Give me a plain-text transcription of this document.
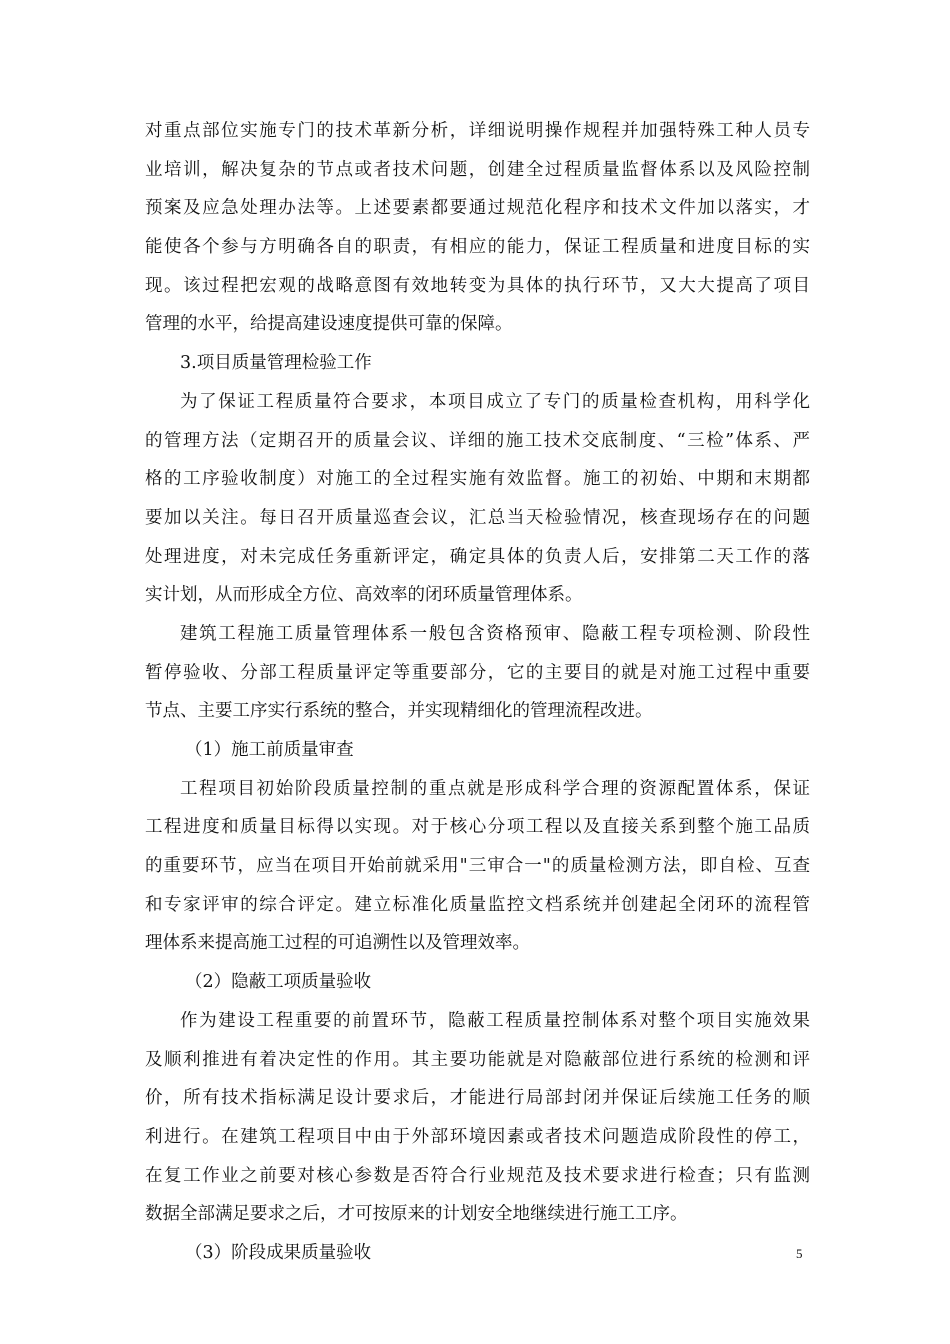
对重点部位实施专门的技术革新分析，详细说明操作规程并加强特殊工种人员专
业培训，解决复杂的节点或者技术问题，创建全过程质量监督体系以及风险控制
预案及应急处理办法等。上述要素都要通过规范化程序和技术文件加以落实，才
能使各个参与方明确各自的职责，有相应的能力，保证工程质量和进度目标的实
现。该过程把宏观的战略意图有效地转变为具体的执行环节，又大大提高了项目
管理的水平，给提高建设速度提供可靠的保障。
3.项目质量管理检验工作
为了保证工程质量符合要求，本项目成立了专门的质量检查机构，用科学化
的管理方法（定期召开的质量会议、详细的施工技术交底制度、“三检”体系、严
格的工序验收制度）对施工的全过程实施有效监督。施工的初始、中期和末期都
要加以关注。每日召开质量巡查会议，汇总当天检验情况，核查现场存在的问题
处理进度，对未完成任务重新评定，确定具体的负责人后，安排第二天工作的落
实计划，从而形成全方位、高效率的闭环质量管理体系。
建筑工程施工质量管理体系一般包含资格预审、隐蔽工程专项检测、阶段性
暂停验收、分部工程质量评定等重要部分，它的主要目的就是对施工过程中重要
节点、主要工序实行系统的整合，并实现精细化的管理流程改进。
（1）施工前质量审查
工程项目初始阶段质量控制的重点就是形成科学合理的资源配置体系，保证
工程进度和质量目标得以实现。对于核心分项工程以及直接关系到整个施工品质
的重要环节，应当在项目开始前就采用"三审合一"的质量检测方法，即自检、互查
和专家评审的综合评定。建立标准化质量监控文档系统并创建起全闭环的流程管
理体系来提高施工过程的可追溯性以及管理效率。
（2）隐蔽工项质量验收
作为建设工程重要的前置环节，隐蔽工程质量控制体系对整个项目实施效果
及顺利推进有着决定性的作用。其主要功能就是对隐蔽部位进行系统的检测和评
价，所有技术指标满足设计要求后，才能进行局部封闭并保证后续施工任务的顺
利进行。在建筑工程项目中由于外部环境因素或者技术问题造成阶段性的停工，
在复工作业之前要对核心参数是否符合行业规范及技术要求进行检查；只有监测
数据全部满足要求之后，才可按原来的计划安全地继续进行施工工序。
（3）阶段成果质量验收	5
